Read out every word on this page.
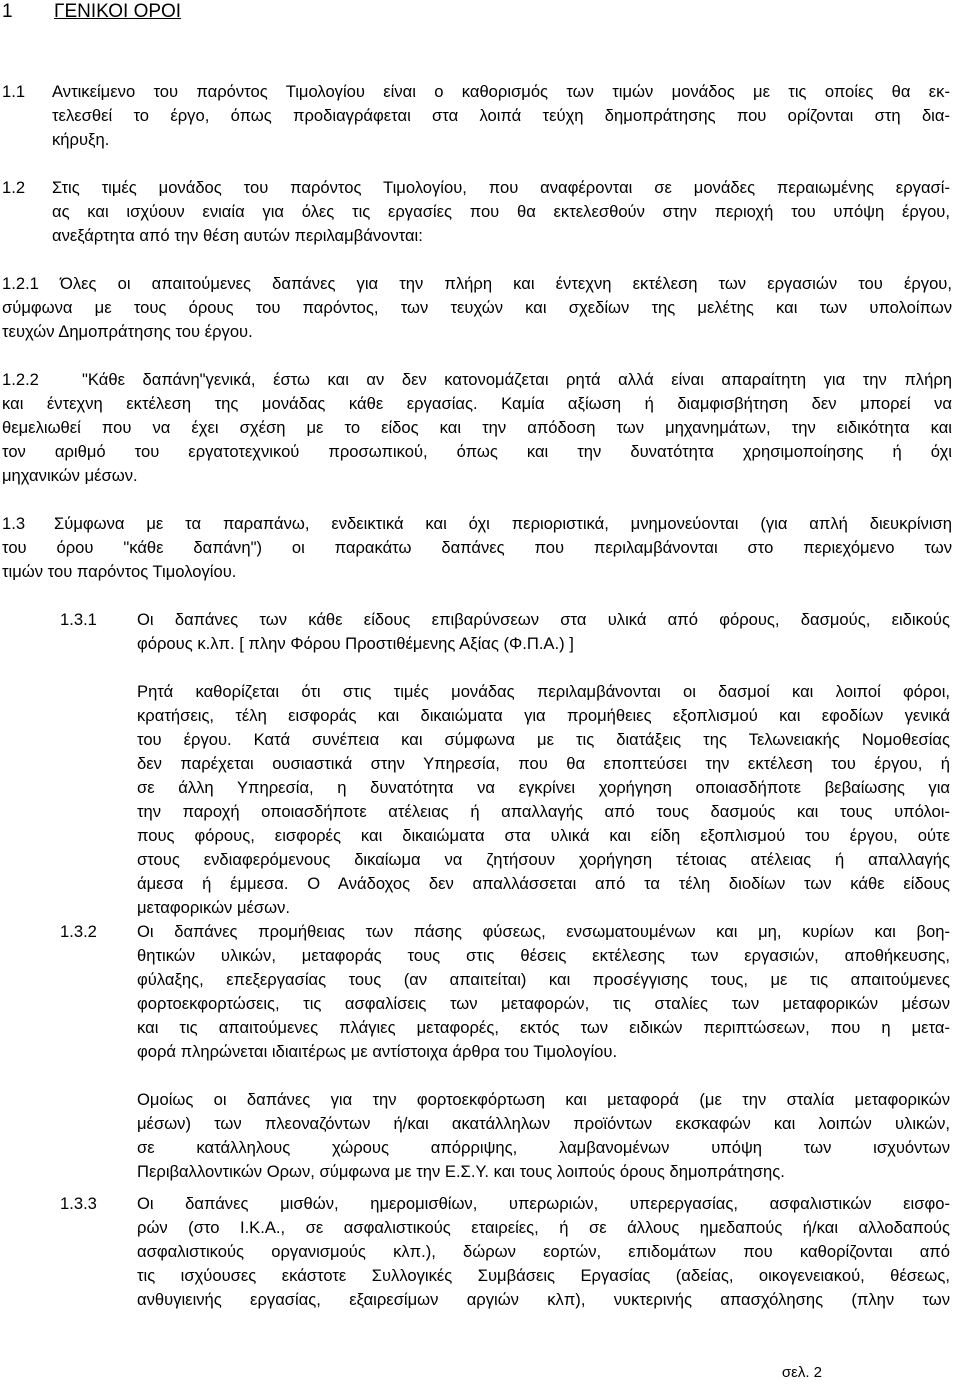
1 ΓΕΝΙΚΟΙ ΟΡΟΙ
1.1 Αντικείμενο του παρόντος Τιμολογίου είναι ο καθορισμός των τιμών μονάδος με τις οποίες θα εκ-
τελεσθεί το έργο, όπως προδιαγράφεται στα λοιπά τεύχη δημοπράτησης που ορίζονται στη δια-
κήρυξη.
1.2 Στις τιμές μονάδος του παρόντος Τιμολογίου, που αναφέρονται σε μονάδες περαιωμένης εργασί-
ας και ισχύουν ενιαία για όλες τις εργασίες που θα εκτελεσθούν στην περιοχή του υπόψη έργου,
ανεξάρτητα από την θέση αυτών περιλαμβάνονται:
1.2.1 Όλες οι απαιτούμενες δαπάνες για την πλήρη και έντεχνη εκτέλεση των εργασιών του έργου,
σύμφωνα με τους όρους του παρόντος, των τευχών και σχεδίων της μελέτης και των υπολοίπων
τευχών Δημοπράτησης του έργου.
1.2.2	"Κάθε δαπάνη"γενικά, έστω και αν δεν κατονομάζεται ρητά αλλά είναι απαραίτητη για την πλήρη
και έντεχνη εκτέλεση της μονάδας κάθε εργασίας. Καμία αξίωση ή διαμφισβήτηση δεν μπορεί να
θεμελιωθεί που να έχει σχέση με το είδος και την απόδοση των μηχανημάτων, την ειδικότητα και
τον αριθμό του εργατοτεχνικού προσωπικού, όπως και την δυνατότητα χρησιμοποίησης ή όχι
μηχανικών μέσων.
1.3 Σύμφωνα με τα παραπάνω, ενδεικτικά και όχι περιοριστικά, μνημονεύονται (για απλή διευκρίνιση
του όρου "κάθε δαπάνη") οι παρακάτω δαπάνες που περιλαμβάνονται στο περιεχόμενο των
τιμών του παρόντος Τιμολογίου.
1.3.1 Οι δαπάνες των κάθε είδους επιβαρύνσεων στα υλικά από φόρους, δασμούς, ειδικούς
φόρους κ.λπ. [ πλην Φόρου Προστιθέμενης Αξίας (Φ.Π.Α.) ]
Ρητά καθορίζεται ότι στις τιμές μονάδας περιλαμβάνονται οι δασμοί και λοιποί φόροι,
κρατήσεις, τέλη εισφοράς και δικαιώματα για προμήθειες εξοπλισμού και εφοδίων γενικά
του έργου. Κατά συνέπεια και σύμφωνα με τις διατάξεις της Τελωνειακής Νομοθεσίας
δεν παρέχεται ουσιαστικά στην Υπηρεσία, που θα εποπτεύσει την εκτέλεση του έργου, ή
σε άλλη Υπηρεσία, η δυνατότητα να εγκρίνει χορήγηση οποιασδήποτε βεβαίωσης για
την παροχή οποιασδήποτε ατέλειας ή απαλλαγής από τους δασμούς και τους υπόλοι-
πους φόρους, εισφορές και δικαιώματα στα υλικά και είδη εξοπλισμού του έργου, ούτε
στους ενδιαφερόμενους δικαίωμα να ζητήσουν χορήγηση τέτοιας ατέλειας ή απαλλαγής
άμεσα ή έμμεσα. Ο Ανάδοχος δεν απαλλάσσεται από τα τέλη διοδίων των κάθε είδους
μεταφορικών μέσων.
1.3.2 Οι δαπάνες προμήθειας των πάσης φύσεως, ενσωματουμένων και μη, κυρίων και βοη-
θητικών υλικών, μεταφοράς τους στις θέσεις εκτέλεσης των εργασιών, αποθήκευσης,
φύλαξης, επεξεργασίας τους (αν απαιτείται) και προσέγγισης τους, με τις απαιτούμενες
φορτοεκφορτώσεις, τις ασφαλίσεις των μεταφορών, τις σταλίες των μεταφορικών μέσων
και τις απαιτούμενες πλάγιες μεταφορές, εκτός των ειδικών περιπτώσεων, που η μετα-
φορά πληρώνεται ιδιαιτέρως με αντίστοιχα άρθρα του Τιμολογίου.
Ομοίως οι δαπάνες για την φορτοεκφόρτωση και μεταφορά (με την σταλία μεταφορικών
μέσων) των πλεοναζόντων ή/και ακατάλληλων προϊόντων εκσκαφών και λοιπών υλικών,
σε κατάλληλους χώρους απόρριψης, λαμβανομένων υπόψη των ισχυόντων
Περιβαλλοντικών Ορων, σύμφωνα με την Ε.Σ.Υ. και τους λοιπούς όρους δημοπράτησης.
1.3.3 Οι δαπάνες μισθών, ημερομισθίων, υπερωριών, υπερεργασίας, ασφαλιστικών εισφο-
ρών (στο Ι.Κ.Α., σε ασφαλιστικούς εταιρείες, ή σε άλλους ημεδαπούς ή/και αλλοδαπούς
ασφαλιστικούς οργανισμούς κλπ.), δώρων εορτών, επιδομάτων που καθορίζονται από
τις ισχύουσες εκάστοτε Συλλογικές Συμβάσεις Εργασίας (αδείας, οικογενειακού, θέσεως,
ανθυγιεινής εργασίας, εξαιρεσίμων αργιών κλπ), νυκτερινής απασχόλησης (πλην των
σελ. 2
